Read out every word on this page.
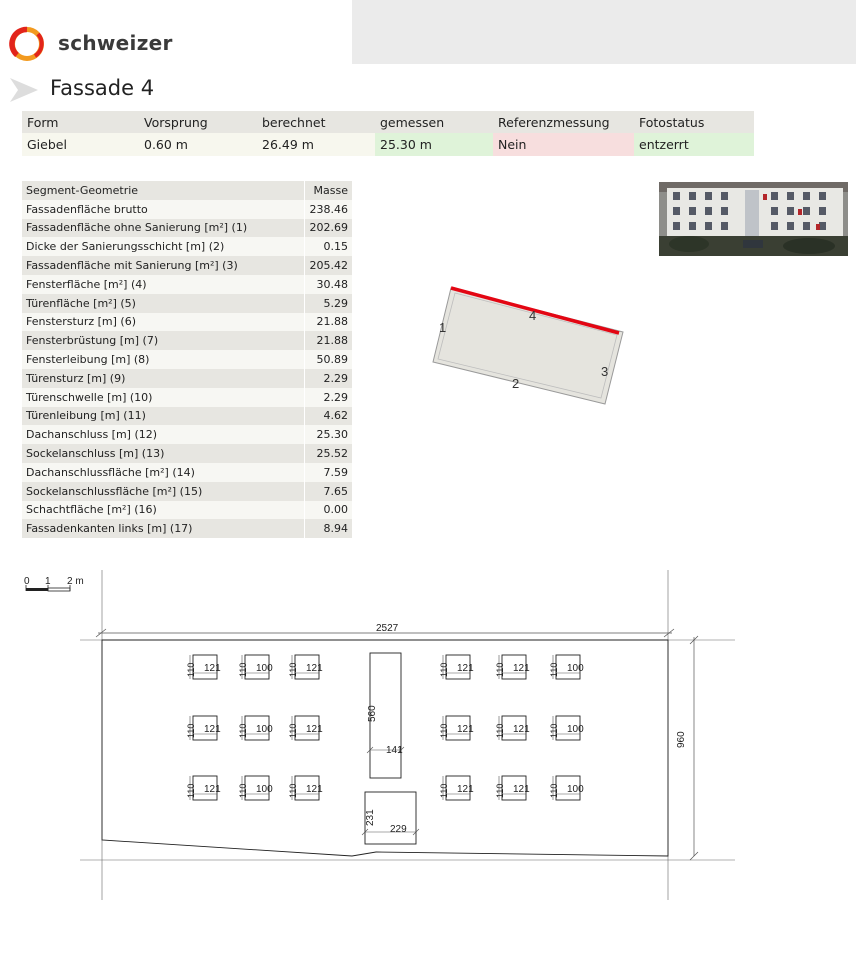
schweizer
Fassade 4
Form	Vorsprung	berechnet	gemessen	Referenzmessung	Fotostatus
Giebel	0.60 m	26.49 m	25.30 m	Nein	entzerrt
Segment-Geometrie	Masse
Fassadenfläche brutto	238.46
Fassadenfläche ohne Sanierung [m²] (1)	202.69
Dicke der Sanierungsschicht [m] (2)	0.15
Fassadenfläche mit Sanierung [m²] (3)	205.42
Fensterfläche [m²] (4)	30.48
Türenfläche [m²] (5)	5.29
Fenstersturz [m] (6)	21.88
Fensterbrüstung [m] (7)	21.88
Fensterleibung [m] (8)	50.89
Türensturz [m] (9)	2.29
Türenschwelle [m] (10)	2.29
Türenleibung [m] (11)	4.62
Dachanschluss [m] (12)	25.30
Sockelanschluss [m] (13)	25.52
Dachanschlussfläche [m²] (14)	7.59
Sockelanschlussfläche [m²] (15)	7.65
Schachtfläche [m²] (16)	0.00
Fassadenkanten links [m] (17)	8.94
1
2
3
4
0 1 2 m
2527
960
560
141
231
229
110 121 110 100 110 121	110 121 110 121 110 100
110 121 110 100 110 121	110 121 110 121 110 100
110 121 110 100 110 121	110 121 110 121 110 100
